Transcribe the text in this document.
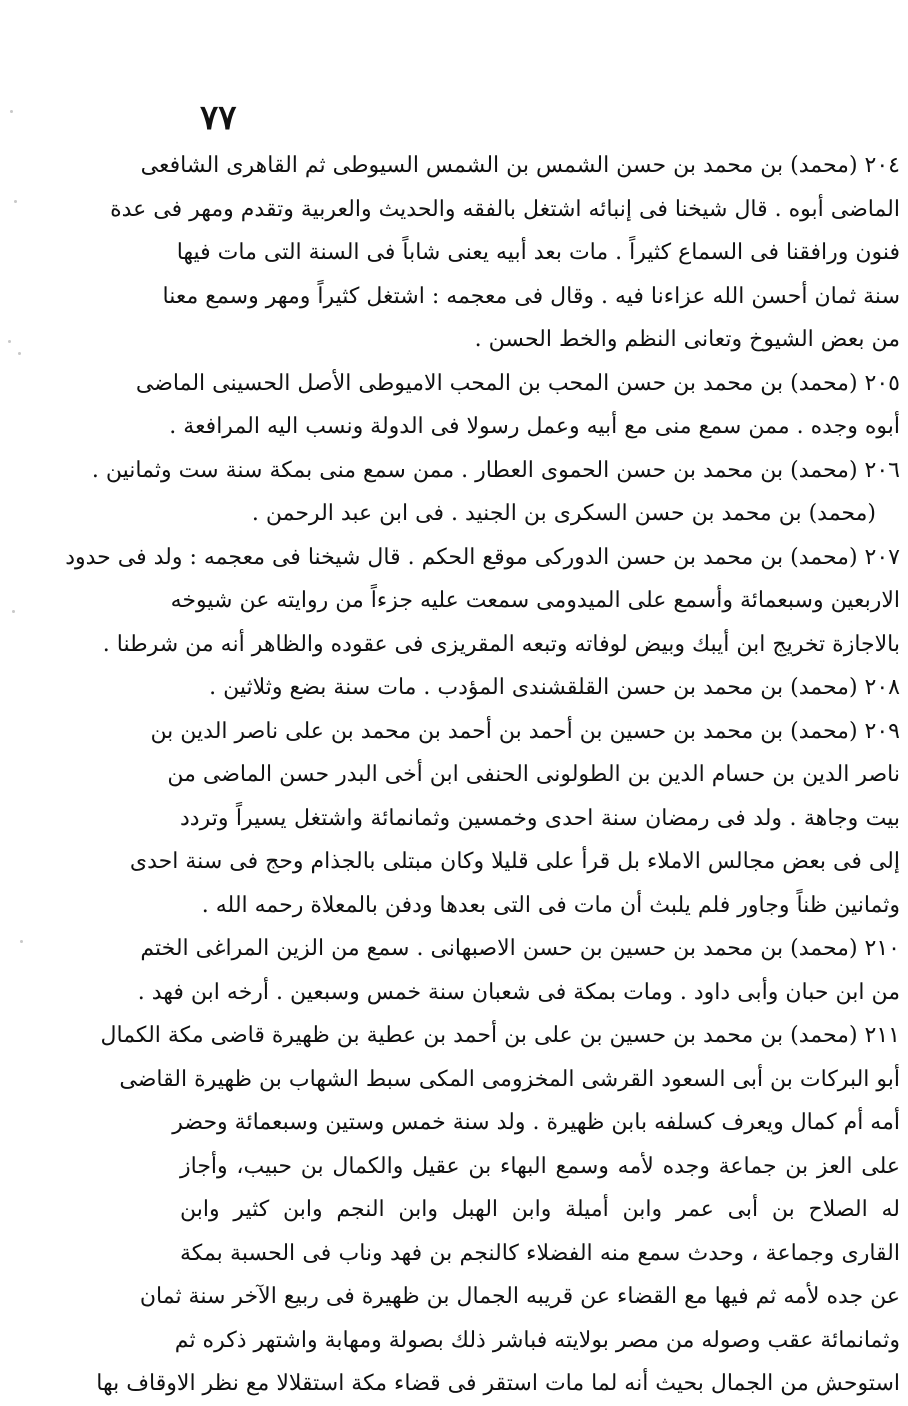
٧٧
٢٠٤ (محمد) بن محمد بن حسن الشمس بن الشمس السيوطى ثم القاهرى الشافعى
الماضى أبوه . قال شيخنا فى إنبائه اشتغل بالفقه والحديث والعربية وتقدم ومهر فى عدة
فنون ورافقنا فى السماع كثيراً . مات بعد أبيه يعنى شاباً فى السنة التى مات فيها
سنة ثمان أحسن الله عزاءنا فيه . وقال فى معجمه : اشتغل كثيراً ومهر وسمع معنا
من بعض الشيوخ وتعانى النظم والخط الحسن .
٢٠٥ (محمد) بن محمد بن حسن المحب بن المحب الاميوطى الأصل الحسينى الماضى
أبوه وجده . ممن سمع منى مع أبيه وعمل رسولا فى الدولة ونسب اليه المرافعة .
٢٠٦ (محمد) بن محمد بن حسن الحموى العطار . ممن سمع منى بمكة سنة ست وثمانين .
(محمد) بن محمد بن حسن السكرى بن الجنيد . فى ابن عبد الرحمن .
٢٠٧ (محمد) بن محمد بن حسن الدوركى موقع الحكم . قال شيخنا فى معجمه : ولد فى حدود
الاربعين وسبعمائة وأسمع على الميدومى سمعت عليه جزءاً من روايته عن شيوخه
بالاجازة تخريج ابن أيبك وبيض لوفاته وتبعه المقريزى فى عقوده والظاهر أنه من شرطنا .
٢٠٨ (محمد) بن محمد بن حسن القلقشندى المؤدب . مات سنة بضع وثلاثين .
٢٠٩ (محمد) بن محمد بن حسين بن أحمد بن أحمد بن محمد بن على ناصر الدين بن
ناصر الدين بن حسام الدين بن الطولونى الحنفى ابن أخى البدر حسن الماضى من
بيت وجاهة . ولد فى رمضان سنة احدى وخمسين وثمانمائة واشتغل يسيراً وتردد
إلى فى بعض مجالس الاملاء بل قرأ على قليلا وكان مبتلى بالجذام وحج فى سنة احدى
وثمانين ظناً وجاور فلم يلبث أن مات فى التى بعدها ودفن بالمعلاة رحمه الله .
٢١٠ (محمد) بن محمد بن حسين بن حسن الاصبهانى . سمع من الزين المراغى الختم
من ابن حبان وأبى داود . ومات بمكة فى شعبان سنة خمس وسبعين . أرخه ابن فهد .
٢١١ (محمد) بن محمد بن حسين بن على بن أحمد بن عطية بن ظهيرة قاضى مكة الكمال
أبو البركات بن أبى السعود القرشى المخزومى المكى سبط الشهاب بن ظهيرة القاضى
أمه أم كمال ويعرف كسلفه بابن ظهيرة . ولد سنة خمس وستين وسبعمائة وحضر
على العز بن جماعة وجده لأمه وسمع البهاء بن عقيل والكمال بن حبيب، وأجاز
له الصلاح بن أبى عمر وابن أميلة وابن الهبل وابن النجم وابن كثير وابن
القارى وجماعة ، وحدث سمع منه الفضلاء كالنجم بن فهد وناب فى الحسبة بمكة
عن جده لأمه ثم فيها مع القضاء عن قريبه الجمال بن ظهيرة فى ربيع الآخر سنة ثمان
وثمانمائة عقب وصوله من مصر بولايته فباشر ذلك بصولة ومهابة واشتهر ذكره ثم
استوحش من الجمال بحيث أنه لما مات استقر فى قضاء مكة استقلالا مع نظر الاوقاف بها
